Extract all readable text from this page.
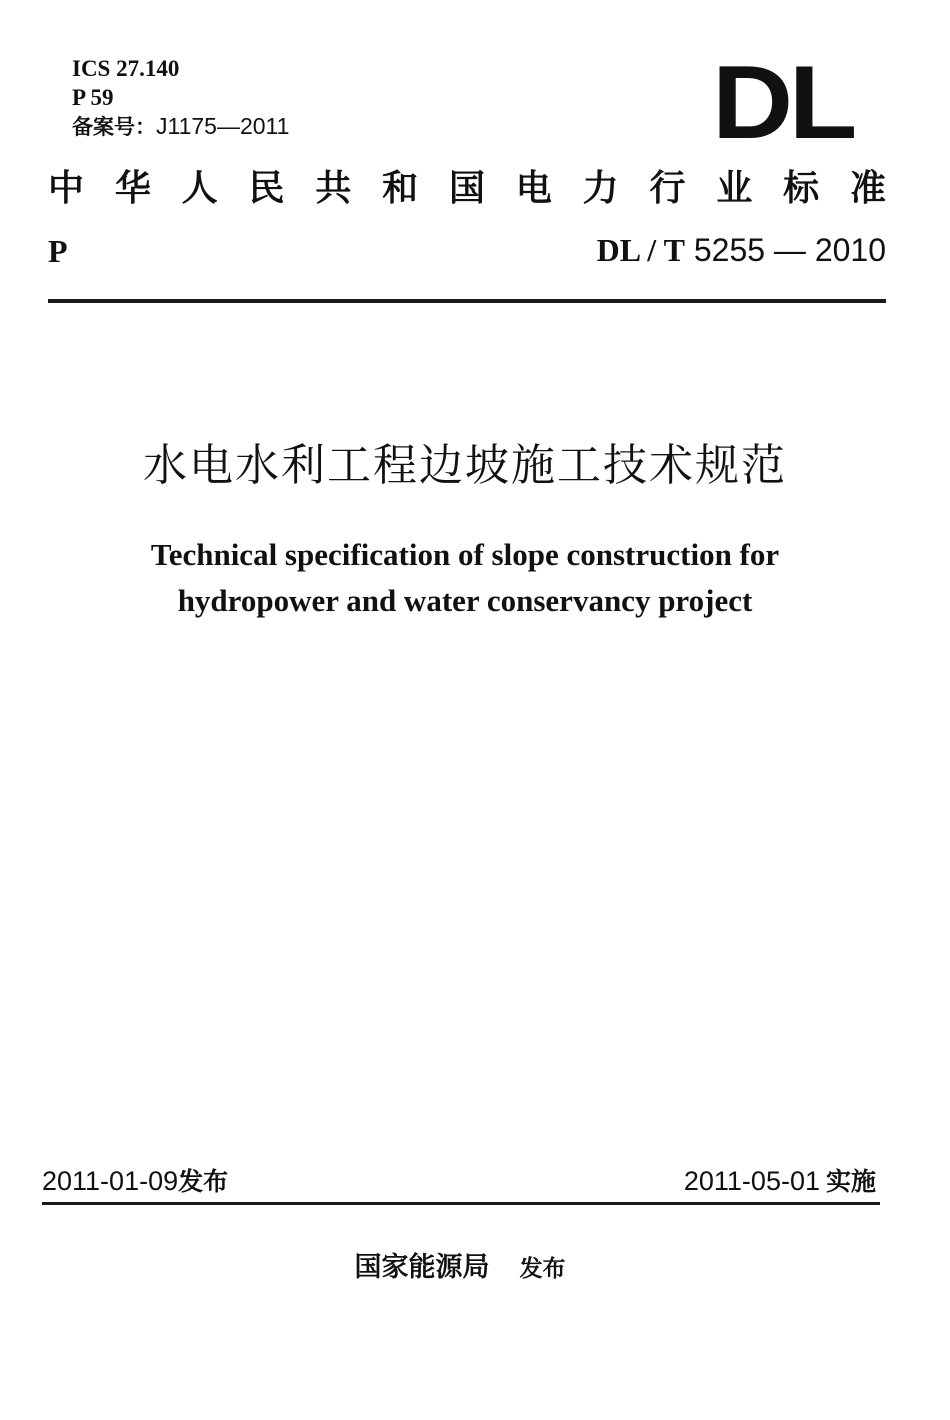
ICS 27.140
P 59
备案号：J1175—2011	DL
中 华 人 民 共 和 国 电 力 行 业 标 准
P	DL / T 5255 — 2010
水电水利工程边坡施工技术规范
Technical specification of slope construction for
hydropower and water conservancy project
2011-01-09发布	2011-05-01 实施
国家能源局 发布
